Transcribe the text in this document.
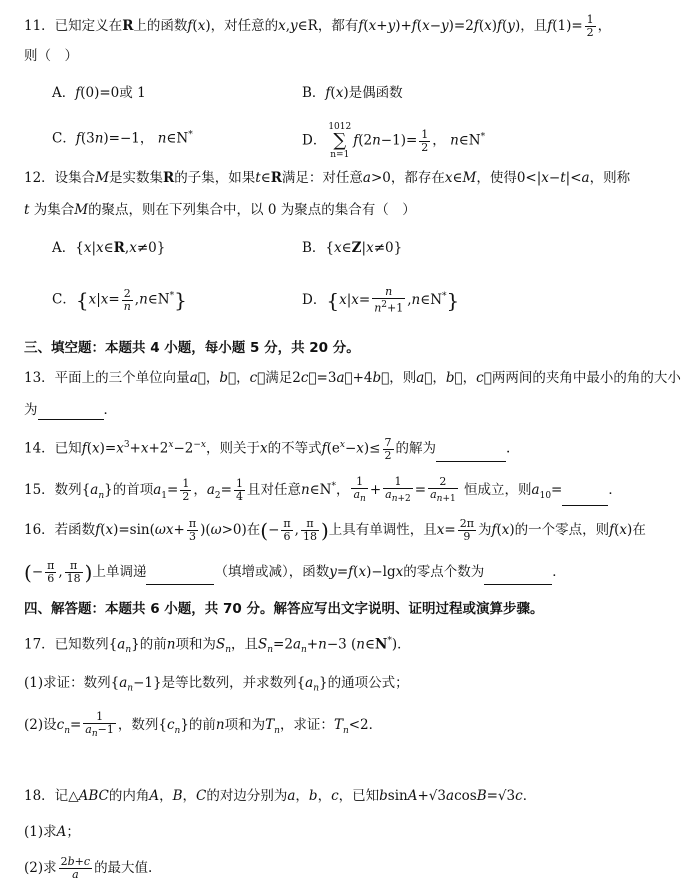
11．已知定义在R上的函数f(x)，对任意的x,y∈R，都有f(x+y)+f(x−y)=2f(x)f(y)，且$f(1)= \frac{1}{2}$ ，
则（　）
A．f(0)=0或 1	B．f(x)是偶函数
C．f(3n)=−1， n∈N*	D．1012
∑
$n=1f(2n-1)= \frac{1}{2}$ ， n∈N*
12．设集合M是实数集R的子集，如果t∈R满足：对任意a>0，都存在x∈M，使得0<|x−t|<a，则称
t 为集合M的聚点，则在下列集合中，以 0 为聚点的集合有（　）
A．{x|x∈R,x≠0}	B．{x∈Z|x≠0}
C．{$x|x= \frac{2}{n}$ ,n∈N*}	D．{$x|x= \frac{n}{n^2+1}$ ,n∈N*}
三、填空题：本题共 4 小题，每小题 5 分，共 20 分。
13．平面上的三个单位向量a⃗，b⃗，c⃗满足2c⃗=3a⃗+4b⃗，则a⃗，b⃗，c⃗两两间的夹角中最小的角的大小
为	．
14．已知$f(x)=x^3+x+2^x-2^{-x}$，则关于x的不等式$f(e^x-x)\le \frac{7}{2}$ 的解为	.
15．数列$\{a_n\}$的首项$a_1= \frac{1}{2}$ ，$a_2= \frac{1}{4}$ 且对任意n∈N*， $\frac{1}{a_n} + \frac{1}{a_{n+2}} = \frac{2}{a_{n+1}}$ 恒成立，则$a_{10}=$	．
16．若函数$f(x)=\sin(\omega x+ \frac{\pi}{3} )(\omega>0)$在(− $\frac{\pi}{6}$ , $\frac{\pi}{18}$ )上具有单调性，且$x= \frac{2\pi}{9}$ 为f(x)的一个零点，则f(x)在
(− $\frac{\pi}{6}$ , $\frac{\pi}{18}$ )上单调递	（填增或减），函数y=f(x)−lgx的零点个数为	．
四、解答题：本题共 6 小题，共 70 分。解答应写出文字说明、证明过程或演算步骤。
17．已知数列$\{a_n\}$的前n项和为$S_n$，且$S_n=2a_n+n-3$ (n∈N*)．
(1)求证：数列$\{a_n-1\}$是等比数列，并求数列$\{a_n\}$的通项公式；
(2)设$c_n= \frac{1}{a_n-1}$ ，数列$\{c_n\}$的前n项和为$T_n$，求证：$T_n<2$．
18．记△ABC的内角A，B，C的对边分别为a，b，c，已知bsinA+√3acosB=√3c．
(1)求A；
(2)求 $\frac{2b+c}{a}$ 的最大值.
